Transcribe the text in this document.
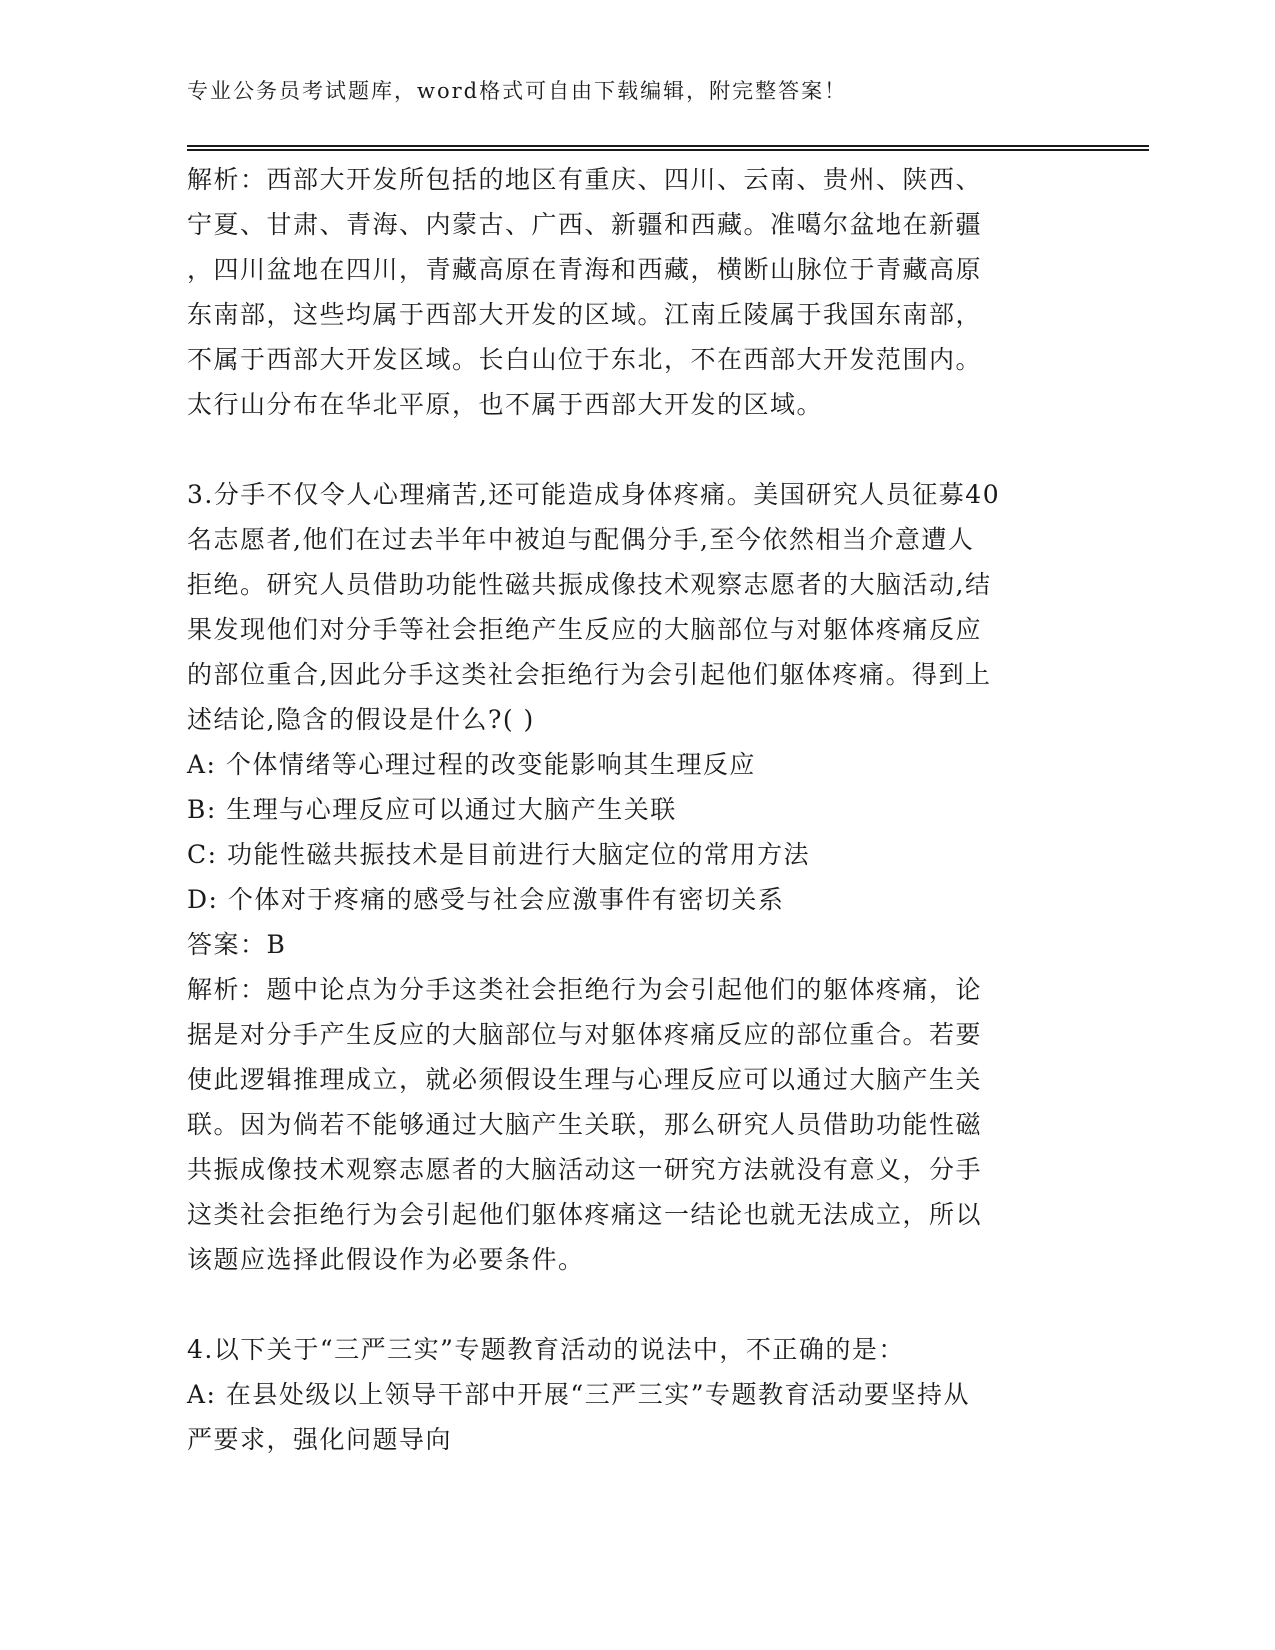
专业公务员考试题库，word格式可自由下载编辑，附完整答案！
解析：西部大开发所包括的地区有重庆、四川、云南、贵州、陕西、
宁夏、甘肃、青海、内蒙古、广西、新疆和西藏。准噶尔盆地在新疆
，四川盆地在四川，青藏高原在青海和西藏，横断山脉位于青藏高原
东南部，这些均属于西部大开发的区域。江南丘陵属于我国东南部，
不属于西部大开发区域。长白山位于东北，不在西部大开发范围内。
太行山分布在华北平原，也不属于西部大开发的区域。
3.分手不仅令人心理痛苦,还可能造成身体疼痛。美国研究人员征募40
名志愿者,他们在过去半年中被迫与配偶分手,至今依然相当介意遭人
拒绝。研究人员借助功能性磁共振成像技术观察志愿者的大脑活动,结
果发现他们对分手等社会拒绝产生反应的大脑部位与对躯体疼痛反应
的部位重合,因此分手这类社会拒绝行为会引起他们躯体疼痛。得到上
述结论,隐含的假设是什么?( )
A: 个体情绪等心理过程的改变能影响其生理反应
B: 生理与心理反应可以通过大脑产生关联
C: 功能性磁共振技术是目前进行大脑定位的常用方法
D: 个体对于疼痛的感受与社会应激事件有密切关系
答案：B
解析：题中论点为分手这类社会拒绝行为会引起他们的躯体疼痛，论
据是对分手产生反应的大脑部位与对躯体疼痛反应的部位重合。若要
使此逻辑推理成立，就必须假设生理与心理反应可以通过大脑产生关
联。因为倘若不能够通过大脑产生关联，那么研究人员借助功能性磁
共振成像技术观察志愿者的大脑活动这一研究方法就没有意义，分手
这类社会拒绝行为会引起他们躯体疼痛这一结论也就无法成立，所以
该题应选择此假设作为必要条件。
4.以下关于“三严三实”专题教育活动的说法中，不正确的是：
A: 在县处级以上领导干部中开展“三严三实”专题教育活动要坚持从
严要求，强化问题导向
